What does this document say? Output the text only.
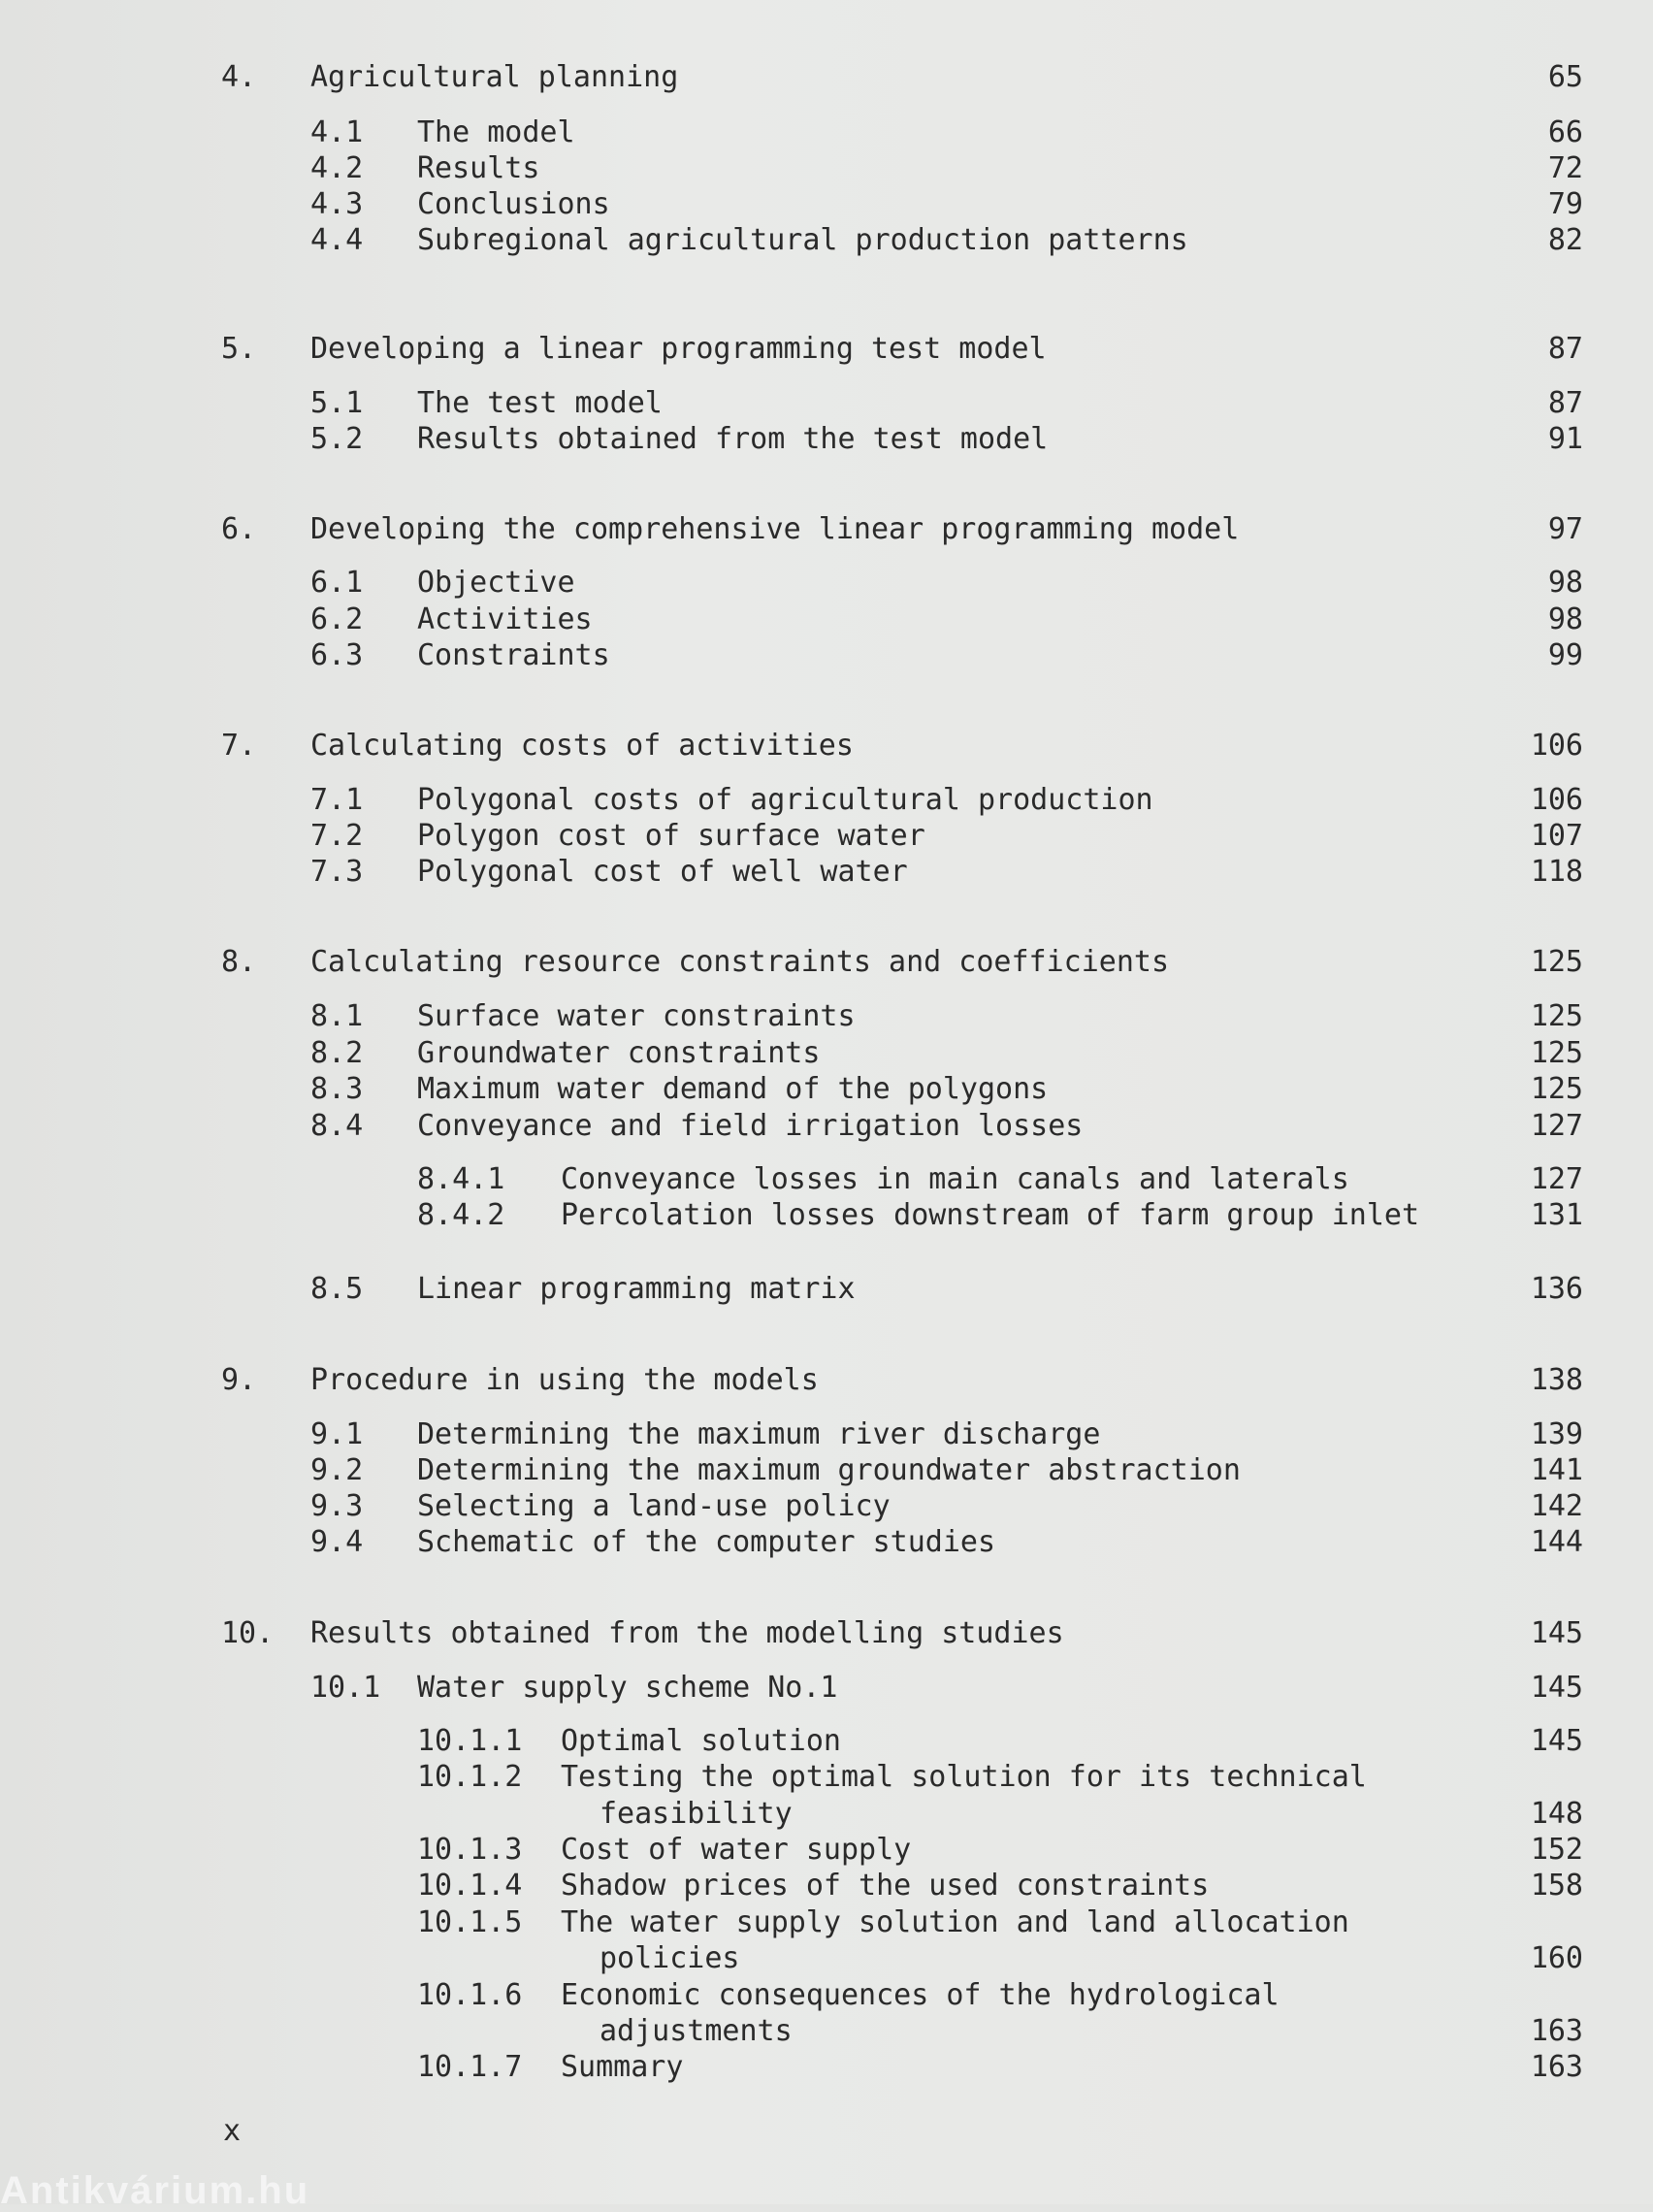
4. Agricultural planning	65
4.1 The model	66
4.2 Results	72
4.3 Conclusions	79
4.4 Subregional agricultural production patterns	82
5. Developing a linear programming test model	87
5.1 The test model	87
5.2 Results obtained from the test model	91
6. Developing the comprehensive linear programming model	97
6.1 Objective	98
6.2 Activities	98
6.3 Constraints	99
7. Calculating costs of activities	106
7.1 Polygonal costs of agricultural production	106
7.2 Polygon cost of surface water	107
7.3 Polygonal cost of well water	118
8. Calculating resource constraints and coefficients	125
8.1 Surface water constraints	125
8.2 Groundwater constraints	125
8.3 Maximum water demand of the polygons	125
8.4 Conveyance and field irrigation losses	127
8.4.1 Conveyance losses in main canals and laterals	127
8.4.2 Percolation losses downstream of farm group inlet	131
8.5 Linear programming matrix	136
9. Procedure in using the models	138
9.1 Determining the maximum river discharge	139
9.2 Determining the maximum groundwater abstraction	141
9.3 Selecting a land-use policy	142
9.4 Schematic of the computer studies	144
10. Results obtained from the modelling studies	145
10.1 Water supply scheme No.1	145
10.1.1 Optimal solution	145
10.1.2 Testing the optimal solution for its technical
feasibility	148
10.1.3 Cost of water supply	152
10.1.4 Shadow prices of the used constraints	158
10.1.5 The water supply solution and land allocation
policies	160
10.1.6 Economic consequences of the hydrological
adjustments	163
10.1.7 Summary	163
x
Antikvárium.hu
